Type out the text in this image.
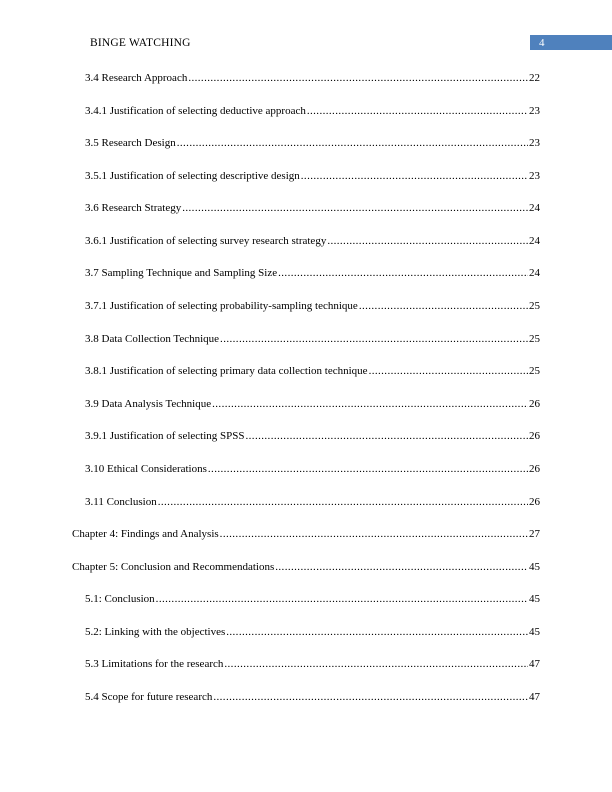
BINGE WATCHING	4
3.4 Research Approach .....	22
3.4.1 Justification of selecting deductive approach .....	23
3.5 Research Design .....	23
3.5.1 Justification of selecting descriptive design .....	23
3.6 Research Strategy .....	24
3.6.1 Justification of selecting survey research strategy .....	24
3.7 Sampling Technique and Sampling Size .....	24
3.7.1 Justification of selecting probability-sampling technique .....	25
3.8 Data Collection Technique .....	25
3.8.1 Justification of selecting primary data collection technique .....	25
3.9 Data Analysis Technique .....	26
3.9.1 Justification of selecting SPSS .....	26
3.10 Ethical Considerations .....	26
3.11 Conclusion .....	26
Chapter 4: Findings and Analysis .....	27
Chapter 5: Conclusion and Recommendations .....	45
5.1: Conclusion .....	45
5.2: Linking with the objectives .....	45
5.3 Limitations for the research .....	47
5.4 Scope for future research .....	47
